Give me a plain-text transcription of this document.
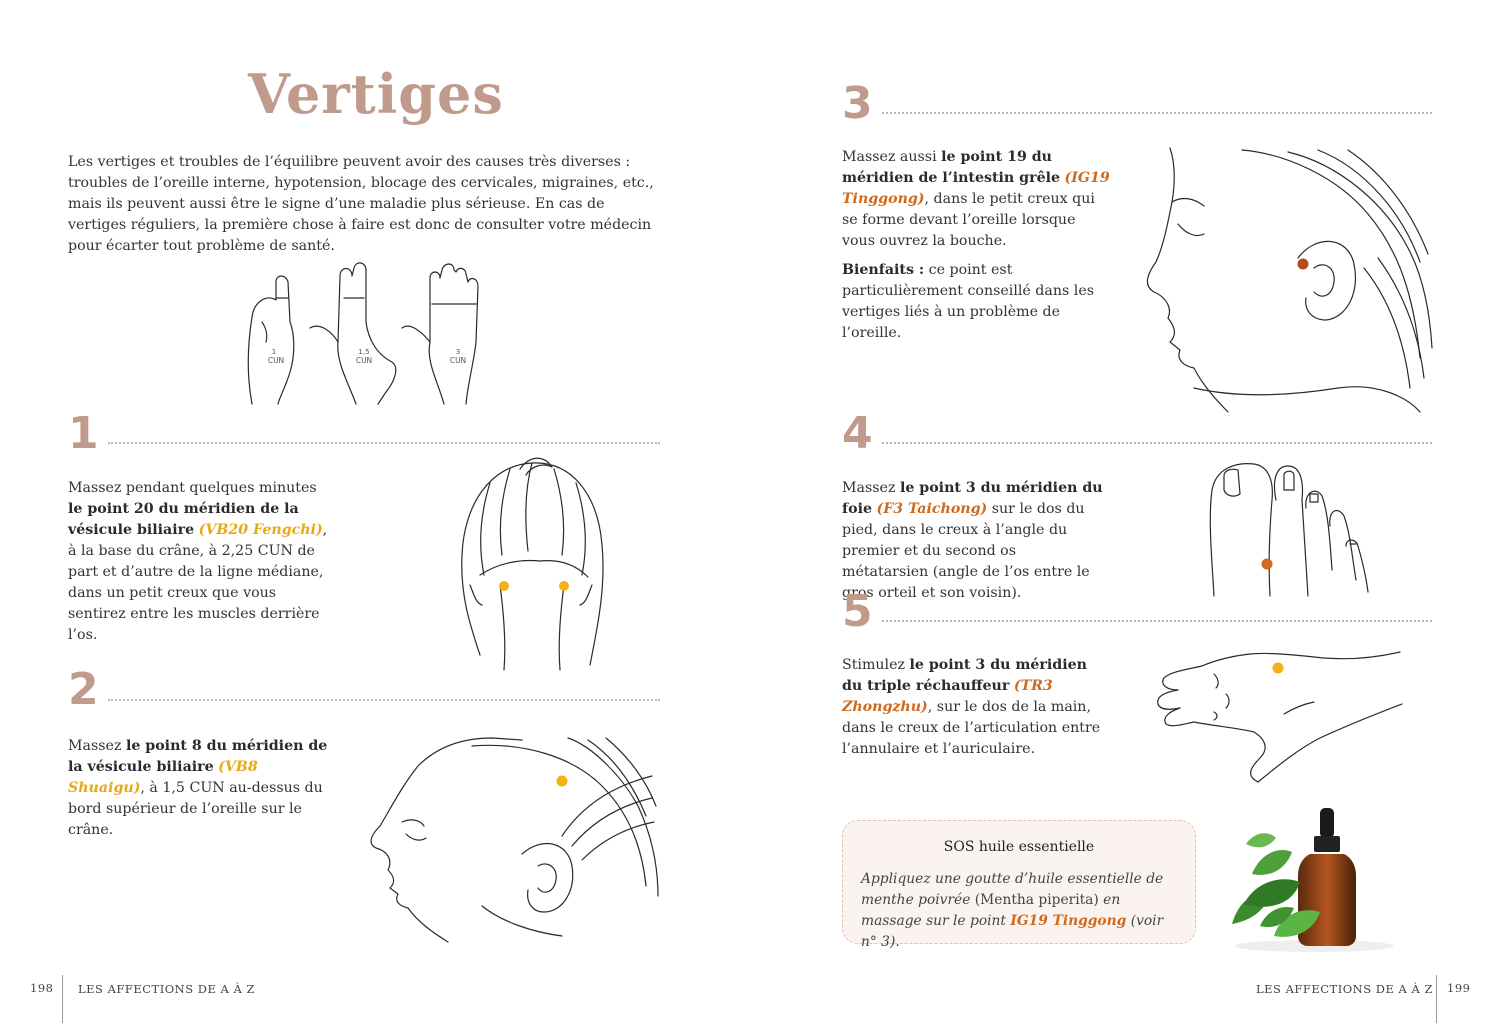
Vertiges
Les vertiges et troubles de l’équilibre peuvent avoir des causes très diverses : troubles de l’oreille interne, hypotension, blocage des cervicales, migraines, etc., mais ils peuvent aussi être le signe d’une maladie plus sérieuse. En cas de vertiges réguliers, la première chose à faire est donc de consulter votre médecin pour écarter tout problème de santé.
1
CUN
1,5
CUN
3
CUN
1
Massez pendant quelques minutes le point 20 du méridien de la vésicule biliaire (VB20 Fengchi), à la base du crâne, à 2,25 CUN de part et d’autre de la ligne médiane, dans un petit creux que vous sentirez entre les muscles derrière l’os.
2
Massez le point 8 du méridien de la vésicule biliaire (VB8 Shuaigu), à 1,5 CUN au-dessus du bord supérieur de l’oreille sur le crâne.
3
Massez aussi le point 19 du méridien de l’intestin grêle (IG19 Tinggong), dans le petit creux qui se forme devant l’oreille lorsque vous ouvrez la bouche.
Bienfaits : ce point est particulièrement conseillé dans les vertiges liés à un problème de l’oreille.
4
Massez le point 3 du méridien du foie (F3 Taichong) sur le dos du pied, dans le creux à l’angle du premier et du second os métatarsien (angle de l’os entre le gros orteil et son voisin).
5
Stimulez le point 3 du méridien du triple réchauffeur (TR3 Zhongzhu), sur le dos de la main, dans le creux de l’articulation entre l’annulaire et l’auriculaire.
SOS huile essentielle
Appliquez une goutte d’huile essentielle de menthe poivrée (Mentha piperita) en massage sur le point IG19 Tinggong (voir n° 3).
198 LES AFFECTIONS DE A À Z	LES AFFECTIONS DE A À Z 199
